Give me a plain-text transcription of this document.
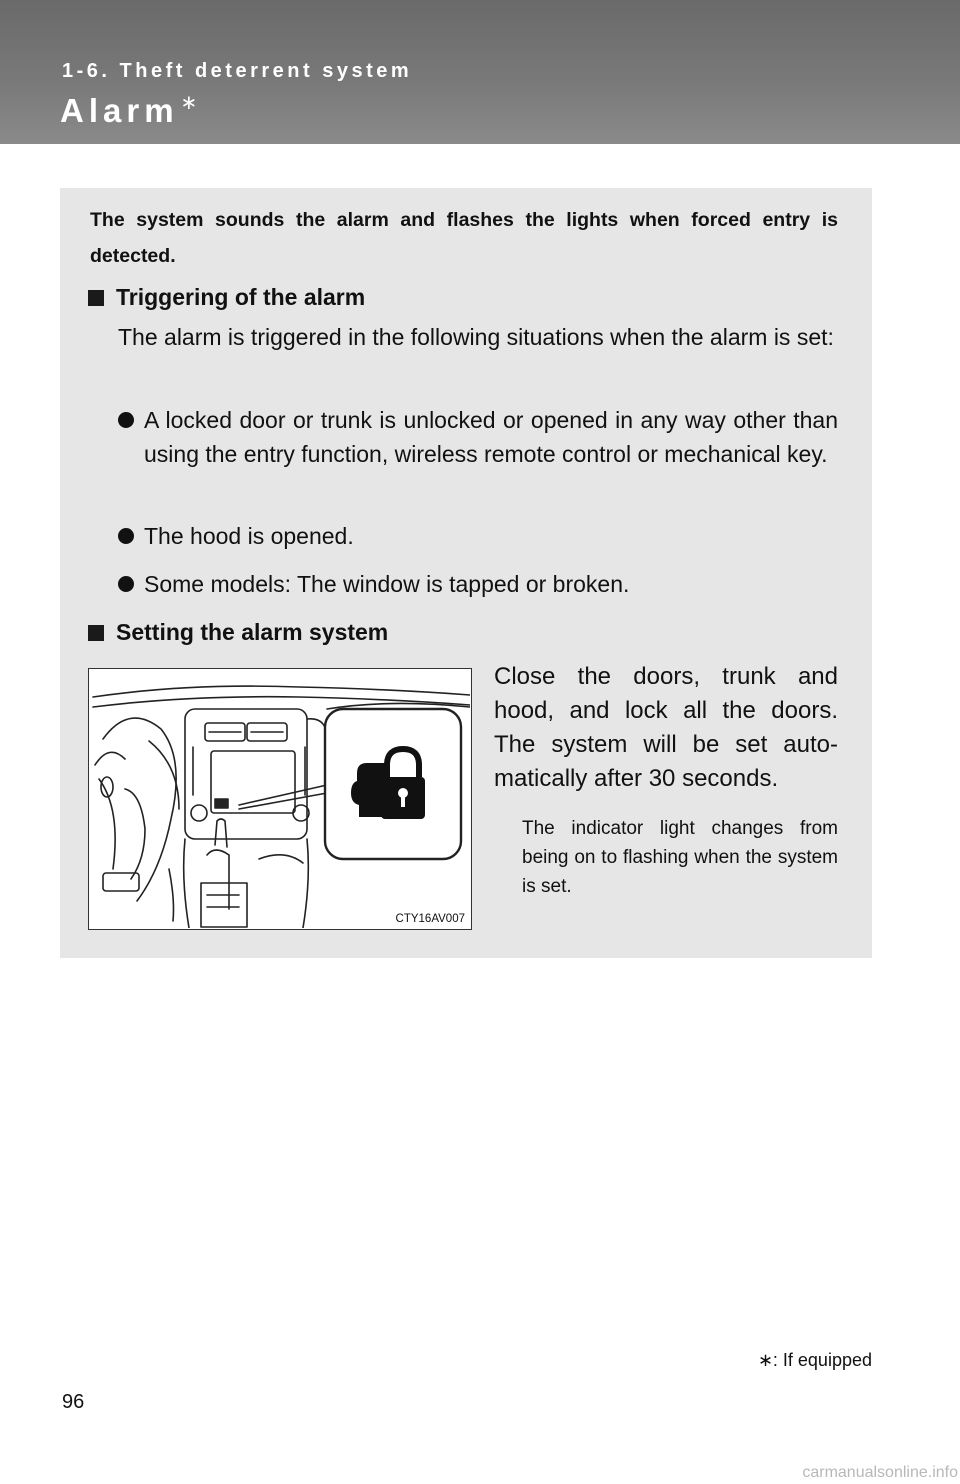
1-6. Theft deterrent system
Alarm ∗
The system sounds the alarm and flashes the lights when forced entry is detected.
Triggering of the alarm
The alarm is triggered in the following situations when the alarm is set:
A locked door or trunk is unlocked or opened in any way other than using the entry function, wireless remote control or mechanical key.
The hood is opened.
Some models: The window is tapped or broken.
Setting the alarm system
CTY16AV007
Close the doors, trunk and hood, and lock all the doors. The system will be set auto-matically after 30 seconds.
The indicator light changes from being on to flashing when the system is set.
∗: If equipped
96
carmanualsonline.info
